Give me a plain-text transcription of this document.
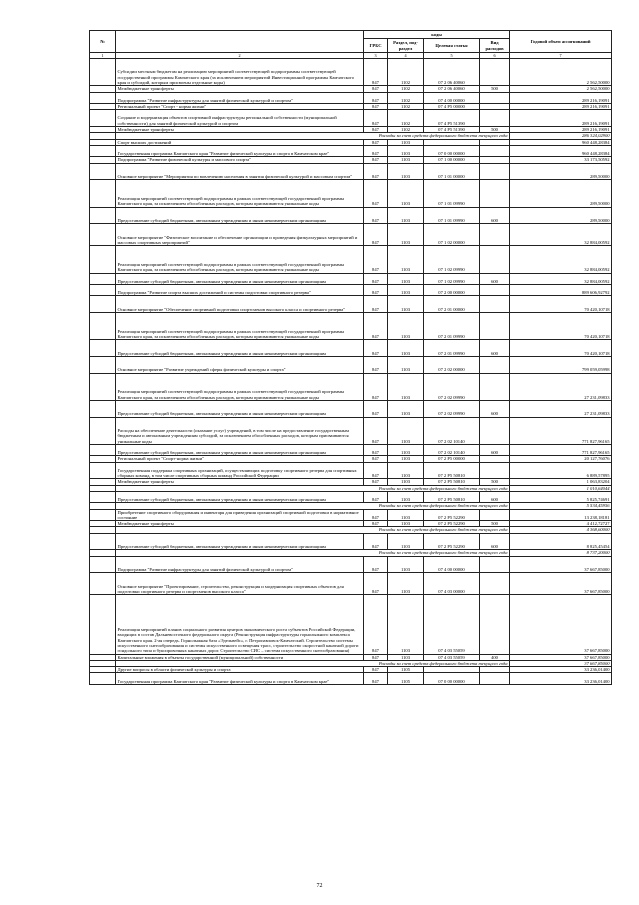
№		коды				Годовой объем ассигнований
		ГРБС	Раздел, под-раздел	Целевая статья	Вид расходов	
1	2	3	4	5	6	7
	Субсидии местным бюджетам на реализацию мероприятий соответствующей подпрограммы соответствующей государственной программы Камчатского края (за исключением мероприятий Инвестиционной программы Камчатского края и субсидий, которым присвоены отдельные коды)	847	1102	07 2 06 40060		2 562,50000
	Межбюджетные трансферты	847	1102	07 2 06 40060	500	2 562,50000
	Подпрограмма "Развитие инфраструктуры для занятий физической культурой и спортом"	847	1102	07 4 00 00000		289 216,19091
	Региональный проект "Спорт - норма жизни"	847	1102	07 4 P5 00000		289 216,19091
	Создание и модернизация объектов спортивной инфраструктуры региональной собственности (муниципальной собственности) для занятий физической культурой и спортом	847	1102	07 4 P5 51390		289 216,19091
	Межбюджетные трансферты	847	1102	07 4 P5 51390	500	289 216,19091
	Расходы за счет средств федерального бюджета текущего года					286 324,02900
	Спорт высших достижений	847	1103			960 448,28384
	Государственная программа Камчатского края "Развитие физической культуры и спорта в Камчатском крае"	847	1103	07 0 00 00000		960 448,28384
	Подпрограмма "Развитие физической культуры и массового спорта"	847	1103	07 1 00 00000		33 173,50592
	Основное мероприятие "Мероприятия по вовлечению населения в занятия физической культурой и массовым спортом"	847	1103	07 1 01 00000		289,50000
	Реализация мероприятий соответствующей подпрограммы в рамках соответствующей государственной программы Камчатского края, за исключением обособленных расходов, которым присваиваются уникальные коды	847	1103	07 1 01 09990		289,50000
	Предоставление субсидий бюджетным, автономным учреждениям и иным некоммерческим организациям	847	1103	07 1 01 09990	600	289,50000
	Основное мероприятие "Физическое воспитание и обеспечение организации и проведения физкультурных мероприятий и массовых спортивных мероприятий"	847	1103	07 1 02 00000		32 884,00592
	Реализация мероприятий соответствующей подпрограммы в рамках соответствующей государственной программы Камчатского края, за исключением обособленных расходов, которым присваиваются уникальные коды	847	1103	07 1 02 09990		32 884,00592
	Предоставление субсидий бюджетным, автономным учреждениям и иным некоммерческим организациям	847	1103	07 1 02 09990	600	32 884,00592
	Подпрограмма "Развитие спорта высших достижений и системы подготовки спортивного резерва"	847	1103	07 2 00 00000		889 606,92792
	Основное мероприятие "Обеспечение спортивной подготовки спортсменов высокого класса и спортивного резерва"	847	1103	07 2 01 00000		70 420,10718
	Реализация мероприятий соответствующей подпрограммы в рамках соответствующей государственной программы Камчатского края, за исключением обособленных расходов, которым присваиваются уникальные коды	847	1103	07 2 01 09990		70 420,10718
	Предоставление субсидий бюджетным, автономным учреждениям и иным некоммерческим организациям	847	1103	07 2 01 09990	600	70 420,10718
	Основное мероприятие "Развитие учреждений сферы физической культуры и спорта"	847	1103	07 2 02 00000		799 059,05998
	Реализация мероприятий соответствующей подпрограммы в рамках соответствующей государственной программы Камчатского края, за исключением обособленных расходов, которым присваиваются уникальные коды	847	1103	07 2 02 09990		27 231,09833
	Предоставление субсидий бюджетным, автономным учреждениям и иным некоммерческим организациям	847	1103	07 2 02 09990	600	27 231,09833
	Расходы на обеспечение деятельности (оказание услуг) учреждений, в том числе на предоставление государственным бюджетным и автономным учреждениям субсидий, за исключением обособленных расходов, которым присваиваются уникальные коды	847	1103	07 2 02 10140		771 827,96165
	Предоставление субсидий бюджетным, автономным учреждениям и иным некоммерческим организациям	847	1103	07 2 02 10140	600	771 827,96165
	Региональный проект "Спорт-норма жизни"	847	1103	07 2 P5 00000		20 127,76076
	Государственная поддержка спортивных организаций, осуществляющих подготовку спортивного резерва для спортивных сборных команд, в том числе спортивных сборных команд Российской Федерации	847	1103	07 2 P5 50810		6 889,57895
	Межбюджетные трансферты	847	1103	07 2 P5 50810	500	1 063,83204
	Расходы за счет средств федерального бюджета текущего года					1 010,64044
	Предоставление субсидий бюджетным, автономным учреждениям и иным некоммерческим организациям	847	1103	07 2 P5 50810	600	5 825,74691
	Расходы за счет средств федерального бюджета текущего года					5 534,45956
	Приобретение спортивного оборудования и инвентаря для приведения организаций спортивной подготовки в нормативное состояние	847	1103	07 2 P5 52290		13 238,18181
	Межбюджетные трансферты	847	1103	07 2 P5 52290	500	4 412,72727
	Расходы за счет средств федерального бюджета текущего года					4 368,60000
	Предоставление субсидий бюджетным, автономным учреждениям и иным некоммерческим организациям	847	1103	07 2 P5 52290	600	8 825,45454
	Расходы за счет средств федерального бюджета текущего года					8 737,20000
	Подпрограмма "Развитие инфраструктуры для занятий физической культурой и спортом"	847	1103	07 4 00 00000		37 667,85000
	Основное мероприятие "Проектирование, строительство, реконструкция и модернизация спортивных объектов для подготовки спортивного резерва и спортсменов высокого класса"	847	1103	07 4 03 00000		37 667,85000
	Реализация мероприятий планов социального развития центров экономического роста субъектов Российской Федерации, входящих в состав Дальневосточного федерального округа (Реконструкция инфраструктуры горнолыжного комплекса Камчатского края. 2-ая очередь. Горнолыжная база «Эдельвейс», г. Петропавловск-Камчатский. Строительство системы искусственного снегообразования и системы искусственного освещения трасс, строительство скоростной канатной дороги гондольного типа и буксировочных канатных дорог. Строительство СИС – система искусственного снегообразования)	847	1103	07 4 03 55059		37 667,85000
	Капитальные вложения в объекты государственной (муниципальной) собственности	847	1103	07 4 03 55059	400	37 667,85000
	Расходы за счет средств федерального бюджета текущего года					37 667,85000
	Другие вопросы в области физической культуры и спорта	847	1105			33 236,01400
	Государственная программа Камчатского края "Развитие физической культуры и спорта в Камчатском крае"	847	1105	07 0 00 00000		33 236,01400
72
